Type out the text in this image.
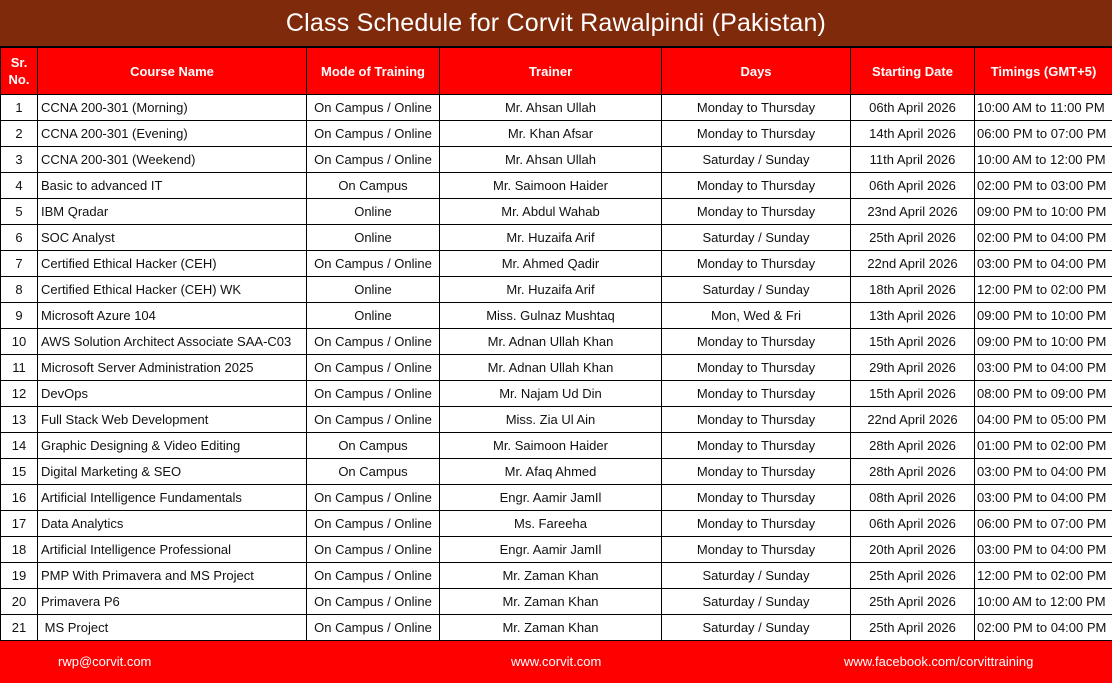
Class Schedule for Corvit Rawalpindi (Pakistan)
Sr. No.	Course Name	Mode of Training	Trainer	Days	Starting Date	Timings (GMT+5)
1	CCNA 200-301 (Morning)	On Campus / Online	Mr. Ahsan Ullah	Monday to Thursday	06th April 2026	10:00 AM to 11:00 PM
2	CCNA 200-301 (Evening)	On Campus / Online	Mr. Khan Afsar	Monday to Thursday	14th April 2026	06:00 PM to 07:00 PM
3	CCNA 200-301 (Weekend)	On Campus / Online	Mr. Ahsan Ullah	Saturday / Sunday	11th April 2026	10:00 AM to 12:00 PM
4	Basic to advanced IT	On Campus	Mr. Saimoon Haider	Monday to Thursday	06th April 2026	02:00 PM to 03:00 PM
5	IBM Qradar	Online	Mr. Abdul Wahab	Monday to Thursday	23nd April 2026	09:00 PM to 10:00 PM
6	SOC Analyst	Online	Mr. Huzaifa Arif	Saturday / Sunday	25th April 2026	02:00 PM to 04:00 PM
7	Certified Ethical Hacker (CEH)	On Campus / Online	Mr. Ahmed Qadir	Monday to Thursday	22nd April 2026	03:00 PM to 04:00 PM
8	Certified Ethical Hacker (CEH) WK	Online	Mr. Huzaifa Arif	Saturday / Sunday	18th April 2026	12:00 PM to 02:00 PM
9	Microsoft Azure 104	Online	Miss. Gulnaz Mushtaq	Mon, Wed & Fri	13th April 2026	09:00 PM to 10:00 PM
10	AWS Solution Architect Associate SAA-C03	On Campus / Online	Mr. Adnan Ullah Khan	Monday to Thursday	15th April 2026	09:00 PM to 10:00 PM
11	Microsoft Server Administration 2025	On Campus / Online	Mr. Adnan Ullah Khan	Monday to Thursday	29th April 2026	03:00 PM to 04:00 PM
12	DevOps	On Campus / Online	Mr. Najam Ud Din	Monday to Thursday	15th April 2026	08:00 PM to 09:00 PM
13	Full Stack Web Development	On Campus / Online	Miss. Zia Ul Ain	Monday to Thursday	22nd April 2026	04:00 PM to 05:00 PM
14	Graphic Designing & Video Editing	On Campus	Mr. Saimoon Haider	Monday to Thursday	28th April 2026	01:00 PM to 02:00 PM
15	Digital Marketing & SEO	On Campus	Mr. Afaq Ahmed	Monday to Thursday	28th April 2026	03:00 PM to 04:00 PM
16	Artificial Intelligence Fundamentals	On Campus / Online	Engr. Aamir JamIl	Monday to Thursday	08th April 2026	03:00 PM to 04:00 PM
17	Data Analytics	On Campus / Online	Ms. Fareeha	Monday to Thursday	06th April 2026	06:00 PM to 07:00 PM
18	Artificial Intelligence Professional	On Campus / Online	Engr. Aamir JamIl	Monday to Thursday	20th April 2026	03:00 PM to 04:00 PM
19	PMP With Primavera and MS Project	On Campus / Online	Mr. Zaman Khan	Saturday / Sunday	25th April 2026	12:00 PM to 02:00 PM
20	Primavera P6	On Campus / Online	Mr. Zaman Khan	Saturday / Sunday	25th April 2026	10:00 AM to 12:00 PM
21	MS Project	On Campus / Online	Mr. Zaman Khan	Saturday / Sunday	25th April 2026	02:00 PM to 04:00 PM
rwp@corvit.com	www.corvit.com	www.facebook.com/corvittraining
